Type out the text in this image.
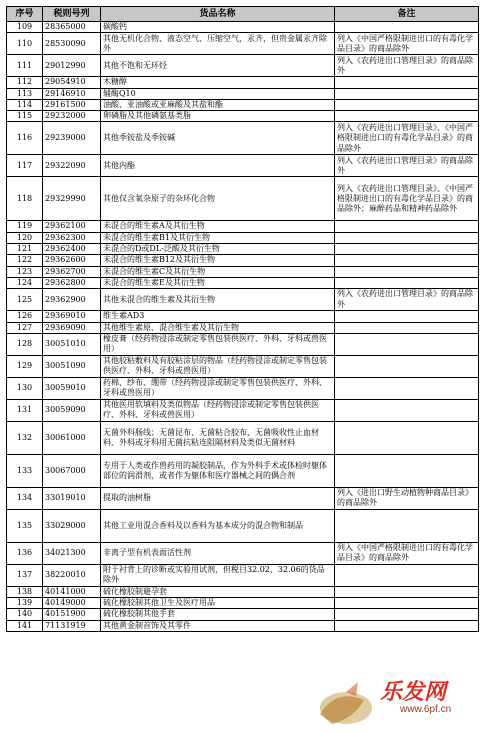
序号	税则号列	货品名称	备注
109	28365000	碳酸钙	
110	28530090	其他无机化合物、液态空气、压缩空气，汞齐，但贵金属汞齐除外	列入《中国严格限制进出口的有毒化学品目录》的商品除外
111	29012990	其他不饱和无环烃	列入《农药进出口管理目录》的商品除外
112	29054910	木糖醇	
113	29146910	辅酶Q10	
114	29161500	油酸、亚油酸或亚麻酸及其盐和酯	
115	29232000	卵磷脂及其他磷氨基类脂	
116	29239000	其他季铵盐及季铵碱	列入《农药进出口管理目录》、《中国严格限制进出口的有毒化学品目录》的商品除外
117	29322090	其他内酯	列入《农药进出口管理目录》的商品除外
118	29329990	其他仅含氧杂原子的杂环化合物	列入《农药进出口管理目录》、《中国严格限制进出口的有毒化学品目录》的商品除外；麻醉药品和精神药品除外
119	29362100	未混合的维生素A及其衍生物	
120	29362300	未混合的维生素B1及其衍生物	
121	29362400	未混合的D或DL-泛酸及其衍生物	
122	29362600	未混合的维生素B12及其衍生物	
123	29362700	未混合的维生素C及其衍生物	
124	29362800	未混合的维生素E及其衍生物	
125	29362900	其他未混合的维生素及其衍生物	列入《农药进出口管理目录》的商品除外
126	29369010	维生素AD3	
127	29369090	其他维生素原、混合维生素及其衍生物	
128	30051010	橡皮膏（经药物浸涂或制定零售包装供医疗、外科、牙科或兽医用）	
129	30051090	其他胶粘敷料及有胶粘涂层的物品（经药物浸涂或制定零售包装供医疗、外科、牙科或兽医用）	
130	30059010	药棉、纱布、绷带（经药物浸涂或制定零售包装供医疗、外科、牙科或兽医用）	
131	30059090	其他医用软填料及类似物品（经药物浸涂或制定零售包装供医疗、外科、牙科或兽医用）	
132	30061000	无菌外科肠线；无菌昆布、无菌粘合胶布、无菌吸收性止血材料、外科或牙科用无菌抗粘连阻隔材料及类似无菌材料	
133	30067000	专用于人类或作兽药用的凝胶制品，作为外科手术或体检时躯体部位的润滑剂，或者作为躯体和医疗器械之间的偶合剂	
134	33019010	提取的油树脂	列入《进出口野生动植物种商品目录》的商品除外
135	33029000	其他工业用混合香料及以香料为基本成分的混合物和制品	
136	34021300	非离子型有机表面活性剂	列入《中国严格限制进出口的有毒化学品目录》的商品除外
137	38220010	附于衬背上的诊断或实验用试剂，但税目32.02、32.06的货品除外	
138	40141000	硫化橡胶制避孕套	
139	40149000	硫化橡胶制其他卫生及医疗用品	
140	40151900	硫化橡胶制其他手套	
141	71131919	其他黄金制首饰及其零件	
乐发网
www.6pf.cn
